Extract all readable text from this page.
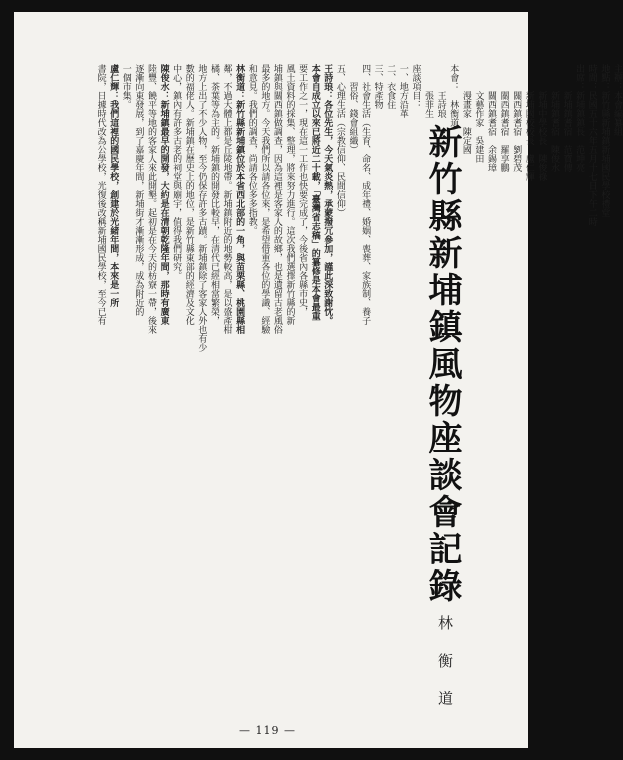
新竹縣新埔鎮風物座談會記錄
林 衡 道

主辦：本會編纂組

地點：新竹縣新埔鎮新埔國民學校禮堂

時間：民國五十六年五月十七日下午二時

出席：新埔鎮鎮長　范坤亮

　　　新埔鎮耆宿　范寶傳

　　　新埔鎮耆宿　陳俊水

　　　新埔中學校長　陳俊祿

　　　新埔國校校長　盧仁輝

　　　關西鎮耆宿　劉碧茂

　　　關西鎮耆宿　羅享鵬

　　　關西鎮耆宿　余錫璋

　　　文藝作家　吳建田

　　　漫畫家　陳定國

本會：　林衡道

　　　王詩琅

　　　張菲生

座談項目：

一、地方沿革

二、衣食住

三、特產物

四、社會生活（生育、命名、成年禮、婚姻、喪葬、家族制、養子

　　習俗、錢會組織）

五、心理生活（宗教信仰、民間信仰）

王詩琅：各位先生，今天氣炎熱，承蒙撥冗參加，謹此深致謝忱。

本會自成立以來已將近二十載，「臺灣省志稿」的纂修是本會最重

要工作之一，現在這一工作也快要完成了，今後省內各縣市史，

風土資料的採集、整理，將來努力進行。這次我們選擇新竹縣的新

埔鎮與關西鎮做調查，因為這裡是客家人的故鄉，也是遺留古老風俗

最多的地方。今天我們所以請各位來，是希望借重各位的學識、經驗

和意見。我們的調查，尚請各位多多指教。

林衡道：新竹縣新埔鎮位於本省西北部的一角，與苗栗縣、桃園縣相

鄰，不過大體上都是丘陵地帶。新埔鎮附近的地勢較高，是以盛產柑

橘、茶葉等為主的。新埔鎮的開發比較早，在清代已經相當繁榮，

地方上出了不少人物，至今仍保存許多古蹟。新埔鎮除了客家人外也有少

數的福佬人。新埔鎮在歷史上的地位，是新竹縣東部的經濟及文化

中心，鎮內有許多古老的祠堂與廟宇，值得我們研究。

陳俊水：新埔鎮最早的開發，大約是在清朝乾隆年間，那時有廣東

陸豐、饒平等地的客家人來此開墾。起初是在今天的枋寮一帶，後來

逐漸向東發展，到了嘉慶年間，新埔街才漸漸形成，成為附近的

一個市集。

盧仁輝：我們這裡的國民學校，創建於光緒年間，本來是一所

書院，日據時代改為公學校，光復後改稱新埔國民學校，至今已有

— 119 —
